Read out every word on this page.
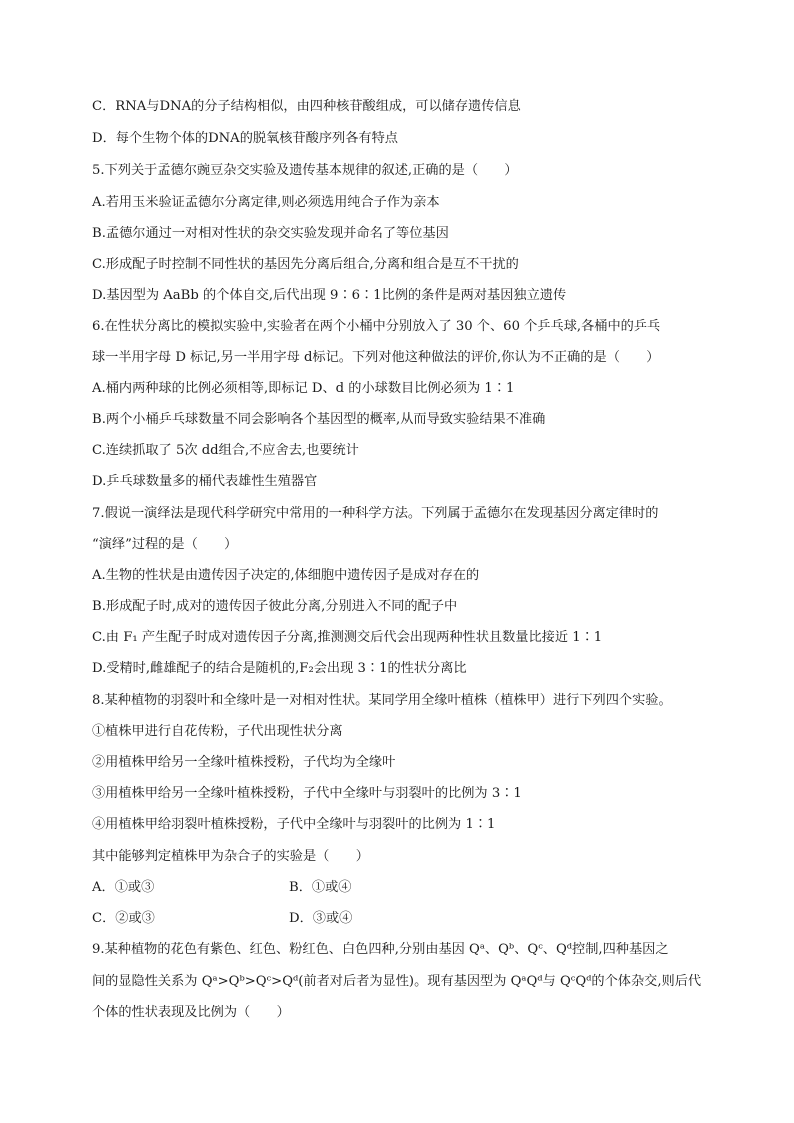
C．RNA与DNA的分子结构相似，由四种核苷酸组成，可以储存遗传信息
D．每个生物个体的DNA的脱氧核苷酸序列各有特点
5.下列关于孟德尔豌豆杂交实验及遗传基本规律的叙述,正确的是（　　）
A.若用玉米验证孟德尔分离定律,则必须选用纯合子作为亲本
B.孟德尔通过一对相对性状的杂交实验发现并命名了等位基因
C.形成配子时控制不同性状的基因先分离后组合,分离和组合是互不干扰的
D.基因型为 AaBb 的个体自交,后代出现 9∶6∶1比例的条件是两对基因独立遗传
6.在性状分离比的模拟实验中,实验者在两个小桶中分别放入了 30 个、60 个乒乓球,各桶中的乒乓
球一半用字母 D 标记,另一半用字母 d标记。下列对他这种做法的评价,你认为不正确的是（　　）
A.桶内两种球的比例必须相等,即标记 D、d 的小球数目比例必须为 1∶1
B.两个小桶乒乓球数量不同会影响各个基因型的概率,从而导致实验结果不准确
C.连续抓取了 5次 dd组合,不应舍去,也要统计
D.乒乓球数量多的桶代表雄性生殖器官
7.假说一演绎法是现代科学研究中常用的一种科学方法。下列属于孟德尔在发现基因分离定律时的
“演绎”过程的是（　　）
A.生物的性状是由遗传因子决定的,体细胞中遗传因子是成对存在的
B.形成配子时,成对的遗传因子彼此分离,分别进入不同的配子中
C.由 F₁ 产生配子时成对遗传因子分离,推测测交后代会出现两种性状且数量比接近 1∶1
D.受精时,雌雄配子的结合是随机的,F₂会出现 3∶1的性状分离比
8.某种植物的羽裂叶和全缘叶是一对相对性状。某同学用全缘叶植株（植株甲）进行下列四个实验。
①植株甲进行自花传粉，子代出现性状分离
②用植株甲给另一全缘叶植株授粉，子代均为全缘叶
③用植株甲给另一全缘叶植株授粉，子代中全缘叶与羽裂叶的比例为 3∶1
④用植株甲给羽裂叶植株授粉，子代中全缘叶与羽裂叶的比例为 1∶1
其中能够判定植株甲为杂合子的实验是（　　）
A．①或③	B．①或④
C．②或③	D．③或④
9.某种植物的花色有紫色、红色、粉红色、白色四种,分别由基因 Qᵃ、Qᵇ、Qᶜ、Qᵈ控制,四种基因之
间的显隐性关系为 Qᵃ>Qᵇ>Qᶜ>Qᵈ(前者对后者为显性)。现有基因型为 QᵃQᵈ与 QᶜQᵈ的个体杂交,则后代
个体的性状表现及比例为（　　）
